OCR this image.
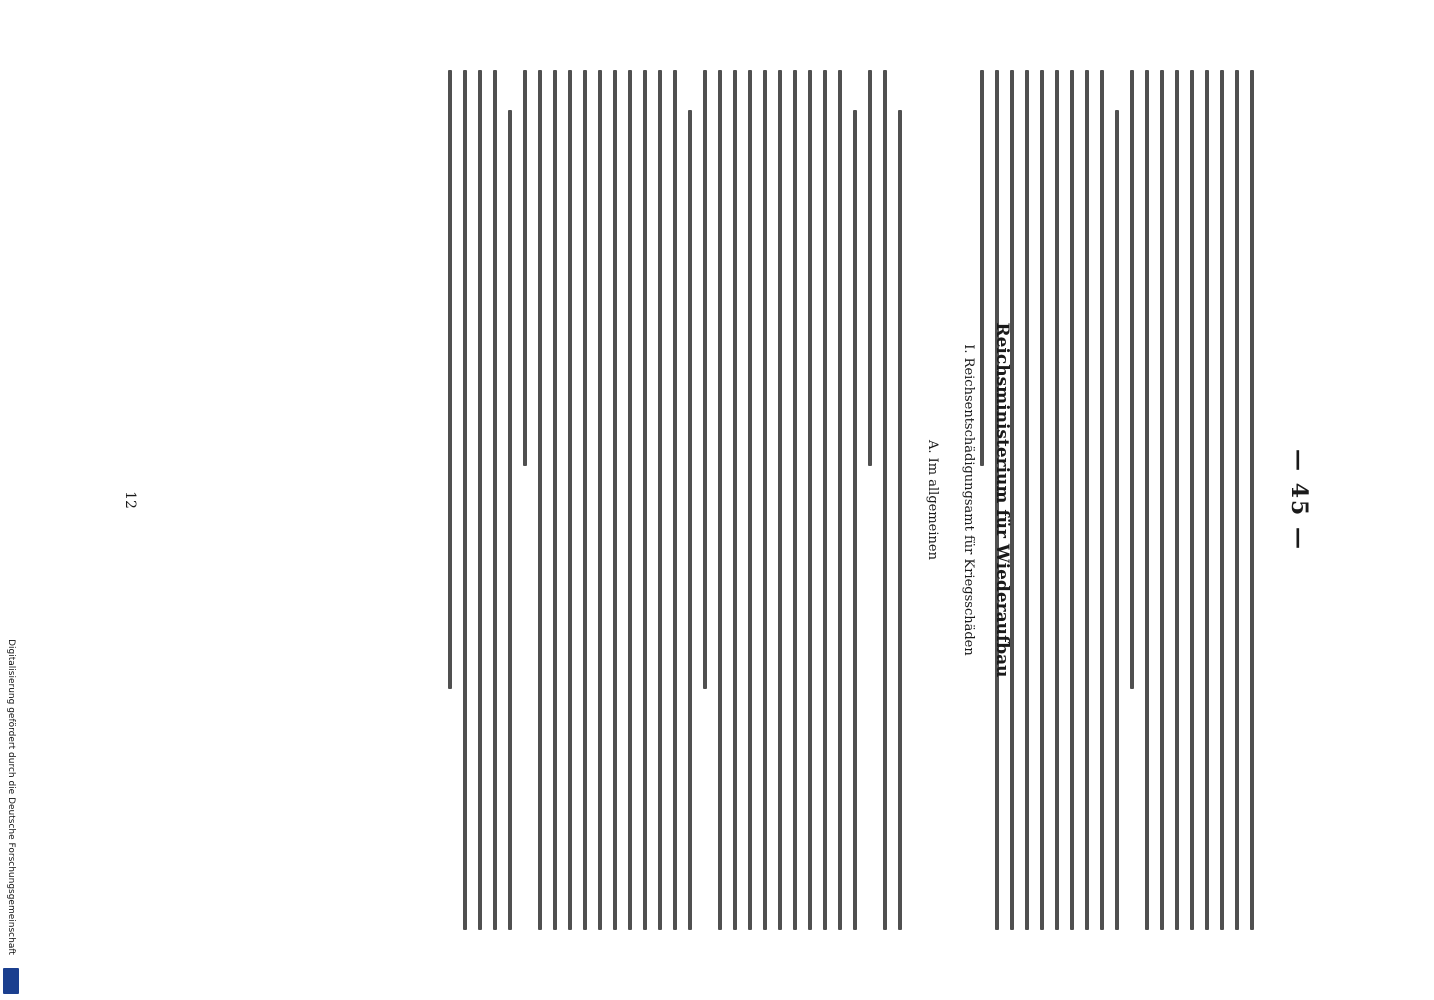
— 45 —
Reichsministerium für Wiederaufbau
I. Reichsentschädigungsamt für Kriegsschäden
A. Im allgemeinen
12
Digitalisierung gefördert durch die Deutsche Forschungsgemeinschaft
